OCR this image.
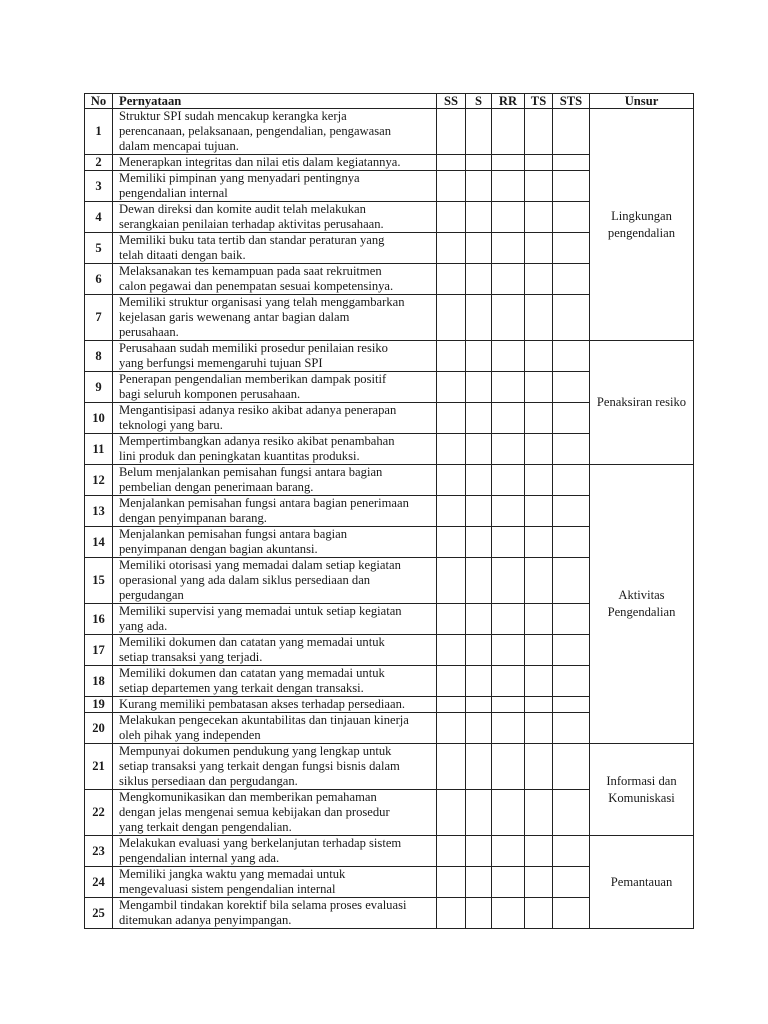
No	Pernyataan	SS	S	RR	TS	STS	Unsur
1	Struktur SPI sudah mencakup kerangka kerja
perencanaan, pelaksanaan, pengendalian, pengawasan
dalam mencapai tujuan.						Lingkungan pengendalian
2	Menerapkan integritas dan nilai etis dalam kegiatannya.						

3	Memiliki pimpinan yang menyadari pentingnya
pengendalian internal						

4	Dewan direksi dan komite audit telah melakukan
serangkaian penilaian terhadap aktivitas perusahaan.						

5	Memiliki buku tata tertib dan standar peraturan yang
telah ditaati dengan baik.						

6	Melaksanakan tes kemampuan pada saat rekruitmen
calon pegawai dan penempatan sesuai kompetensinya.						

7	Memiliki struktur organisasi yang telah menggambarkan
kejelasan garis wewenang antar bagian dalam
perusahaan.						

8	Perusahaan sudah memiliki prosedur penilaian resiko
yang berfungsi memengaruhi tujuan SPI						Penaksiran resiko
9	Penerapan pengendalian memberikan dampak positif
bagi seluruh komponen perusahaan.						

10	Mengantisipasi adanya resiko akibat adanya penerapan
teknologi yang baru.						

11	Mempertimbangkan adanya resiko akibat penambahan
lini produk dan peningkatan kuantitas produksi.						

12	Belum menjalankan pemisahan fungsi antara bagian
pembelian dengan penerimaan barang.						Aktivitas Pengendalian
13	Menjalankan pemisahan fungsi antara bagian penerimaan
dengan penyimpanan barang.						

14	Menjalankan pemisahan fungsi antara bagian
penyimpanan dengan bagian akuntansi.						

15	Memiliki otorisasi yang memadai dalam setiap kegiatan
operasional yang ada dalam siklus persediaan dan
pergudangan						

16	Memiliki supervisi yang memadai untuk setiap kegiatan
yang ada.						

17	Memiliki dokumen dan catatan yang memadai untuk
setiap transaksi yang terjadi.						

18	Memiliki dokumen dan catatan yang memadai untuk
setiap departemen yang terkait dengan transaksi.						

19	Kurang memiliki pembatasan akses terhadap persediaan.						

20	Melakukan pengecekan akuntabilitas dan tinjauan kinerja
oleh pihak yang independen						

21	Mempunyai dokumen pendukung yang lengkap untuk
setiap transaksi yang terkait dengan fungsi bisnis dalam
siklus persediaan dan pergudangan.						Informasi dan Komuniskasi
22	Mengkomunikasikan dan memberikan pemahaman
dengan jelas mengenai semua kebijakan dan prosedur
yang terkait dengan pengendalian.						

23	Melakukan evaluasi yang berkelanjutan terhadap sistem
pengendalian internal yang ada.						Pemantauan
24	Memiliki jangka waktu yang memadai untuk
mengevaluasi sistem pengendalian internal						

25	Mengambil tindakan korektif bila selama proses evaluasi
ditemukan adanya penyimpangan.						
